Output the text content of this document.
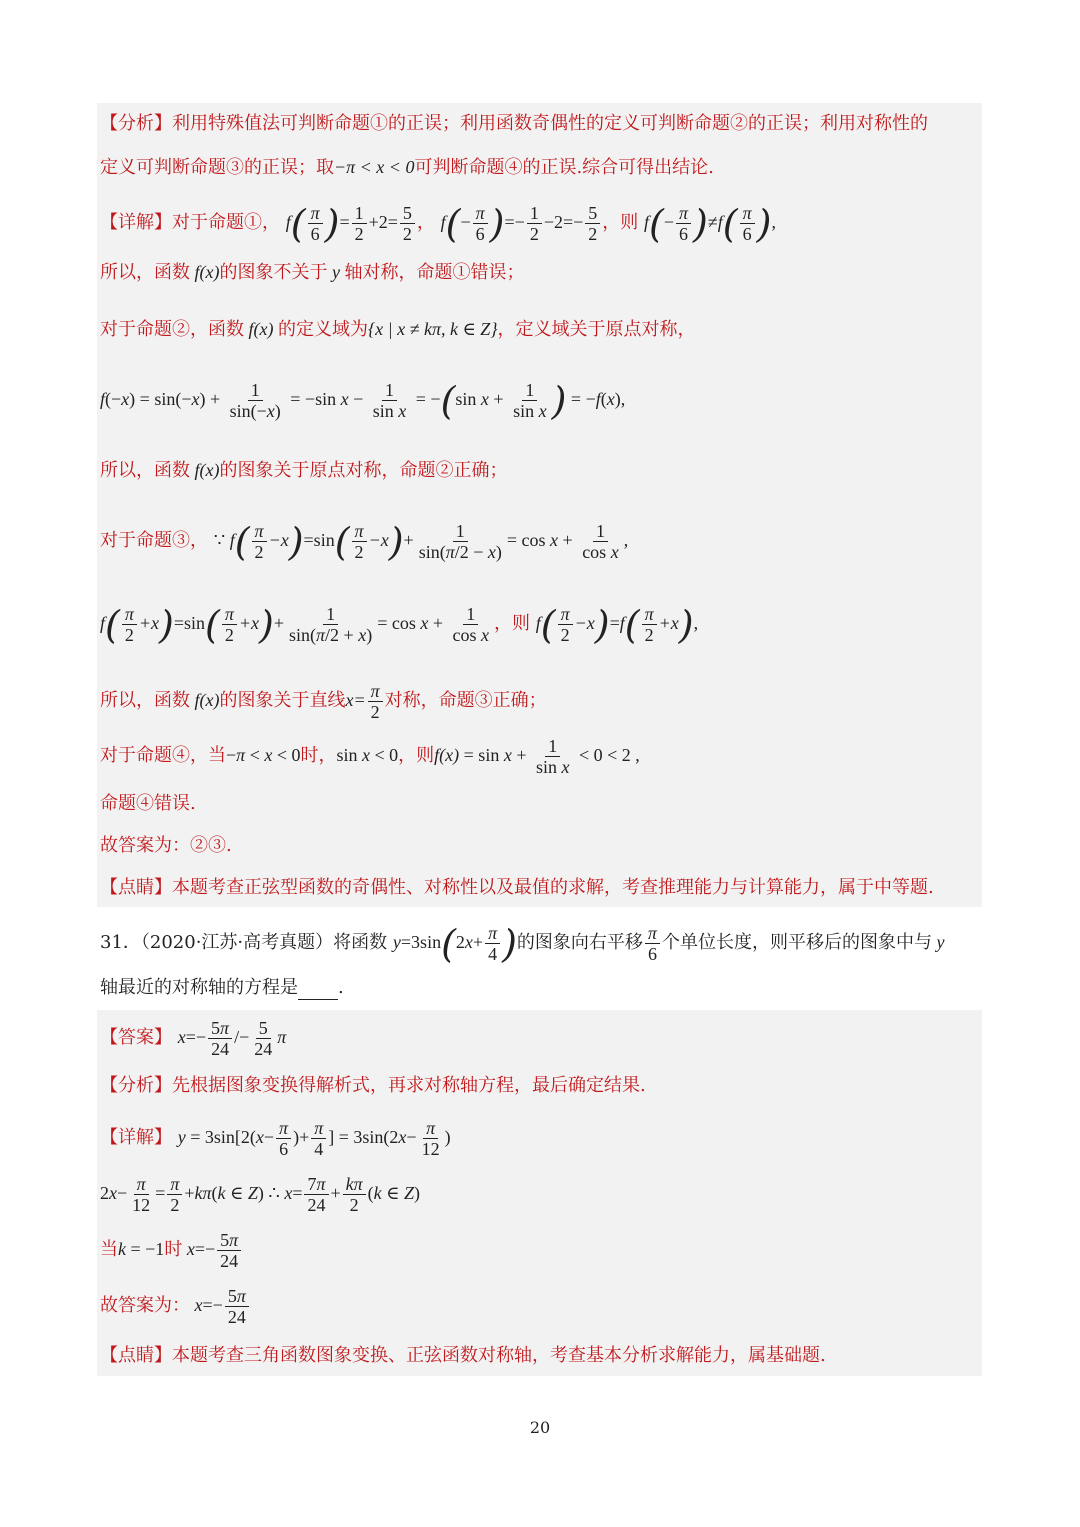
【分析】利用特殊值法可判断命题①的正误；利用函数奇偶性的定义可判断命题②的正误；利用对称性的
定义可判断命题③的正误；取−π < x < 0可判断命题④的正误.综合可得出结论.
【详解】对于命题①， $f( \frac{\pi}{6}$ )= $\frac{1}{2} +2= \frac{5}{2}$ ， $f(- \frac{\pi}{6}$ )=− $\frac{1}{2} -2=- \frac{5}{2}$ ，则 $f(- \frac{\pi}{6} )\ne f( \frac{\pi}{6}$ ),
所以，函数 f(x)的图象不关于 y 轴对称，命题①错误；
对于命题②，函数 f(x) 的定义域为{x | x ≠ kπ, k ∈ Z}，定义域关于原点对称，
$f(-x) = \sin(-x) + \frac{1}{\sin(-x)} = -\sin$ $x - \frac{1}{\text{sin x}} = -(\sin$ $x + \frac{1}{\text{sin x}}$ ) = −f(x),
所以，函数 f(x)的图象关于原点对称，命题②正确；
对于命题③， ∵ $f( \frac{\pi}{2} -x)=\sin( \frac{\pi}{2} -x)+ \frac{1}{\sin(\pi/2 - x)} = \cos x + \frac{1}{\text{cos x}}$ ,
$f( \frac{\pi}{2} +x)=\sin( \frac{\pi}{2} +x)+ \frac{1}{\sin(\pi/2 + x)} = \cos x + \frac{1}{\text{cos x}}$ ，则 $f( \frac{\pi}{2} -x)=f( \frac{\pi}{2} +x)$,
所以，函数 f(x)的图象关于直线$x= \frac{\pi}{2}$ 对称，命题③正确；
对于命题④，当−π < x < 0时，sin x < 0，则$f(x) = \sin x + \frac{1}{\text{sin x}} < 0 < 2$ ,
命题④错误.
故答案为：②③.
【点睛】本题考查正弦型函数的奇偶性、对称性以及最值的求解，考查推理能力与计算能力，属于中等题.
31．（2020·江苏·高考真题）将函数 $y=3\sin(2x+ \frac{\pi}{4}$ )的图象向右平移 $\frac{\pi}{6}$ 个单位长度，则平移后的图象中与 y
轴最近的对称轴的方程是 .
【答案】 $x=- \frac{5\pi}{24} /- \frac{5}{24}$ π
【分析】先根据图象变换得解析式，再求对称轴方程，最后确定结果.
【详解】 $y = 3\sin[2(x- \frac{\pi}{6}$ )+ $\frac{\pi}{4}$ ] = $3\sin(2x- \frac{\pi}{12}$ )
$2x- \frac{\pi}{12} = \frac{\pi}{2} +k\pi(k$ ∈ Z) ∴ $x= \frac{7\pi}{24} + \frac{k\pi}{2} (k$ ∈ Z)
当k = −1时 $x=- \frac{5\pi}{24}$
故答案为： $x=- \frac{5\pi}{24}$
【点睛】本题考查三角函数图象变换、正弦函数对称轴，考查基本分析求解能力，属基础题.
20
